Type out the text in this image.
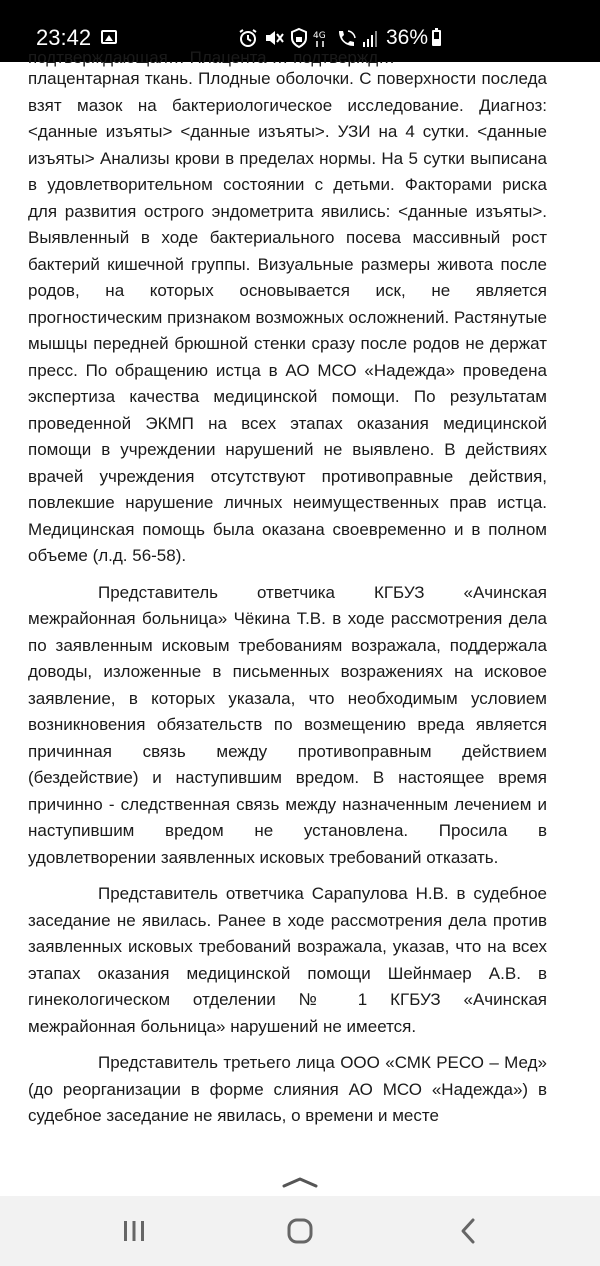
23:42	4G	36%
подтверждающая… Плацента … подтвержд…

плацентарная ткань. Плодные оболочки. С поверхности последа взят мазок на бактериологическое исследование. Диагноз: <данные изъяты> <данные изъяты>. УЗИ на 4 сутки. <данные изъяты> Анализы крови в пределах нормы. На 5 сутки выписана в удовлетворительном состоянии с детьми. Факторами риска для развития острого эндометрита явились: <данные изъяты>. Выявленный в ходе бактериального посева массивный рост бактерий кишечной группы. Визуальные размеры живота после родов, на которых основывается иск, не является прогностическим признаком возможных осложнений. Растянутые мышцы передней брюшной стенки сразу после родов не держат пресс. По обращению истца в АО МСО «Надежда» проведена экспертиза качества медицинской помощи. По результатам проведенной ЭКМП на всех этапах оказания медицинской помощи в учреждении нарушений не выявлено. В действиях врачей учреждения отсутствуют противоправные действия, повлекшие нарушение личных неимущественных прав истца. Медицинская помощь была оказана своевременно и в полном объеме (л.д. 56-58).

Представитель ответчика КГБУЗ «Ачинская межрайонная больница» Чёкина Т.В. в ходе рассмотрения дела по заявленным исковым требованиям возражала, поддержала доводы, изложенные в письменных возражениях на исковое заявление, в которых указала, что необходимым условием возникновения обязательств по возмещению вреда является причинная связь между противоправным действием (бездействие) и наступившим вредом. В настоящее время причинно - следственная связь между назначенным лечением и наступившим вредом не установлена. Просила в удовлетворении заявленных исковых требований отказать.

Представитель ответчика Сарапулова Н.В. в судебное заседание не явилась. Ранее в ходе рассмотрения дела против заявленных исковых требований возражала, указав, что на всех этапах оказания медицинской помощи Шейнмаер А.В. в гинекологическом отделении № 1 КГБУЗ «Ачинская межрайонная больница» нарушений не имеется.

Представитель третьего лица ООО «СМК РЕСО – Мед» (до реорганизации в форме слияния АО МСО «Надежда») в судебное заседание не явилась, о времени и месте
